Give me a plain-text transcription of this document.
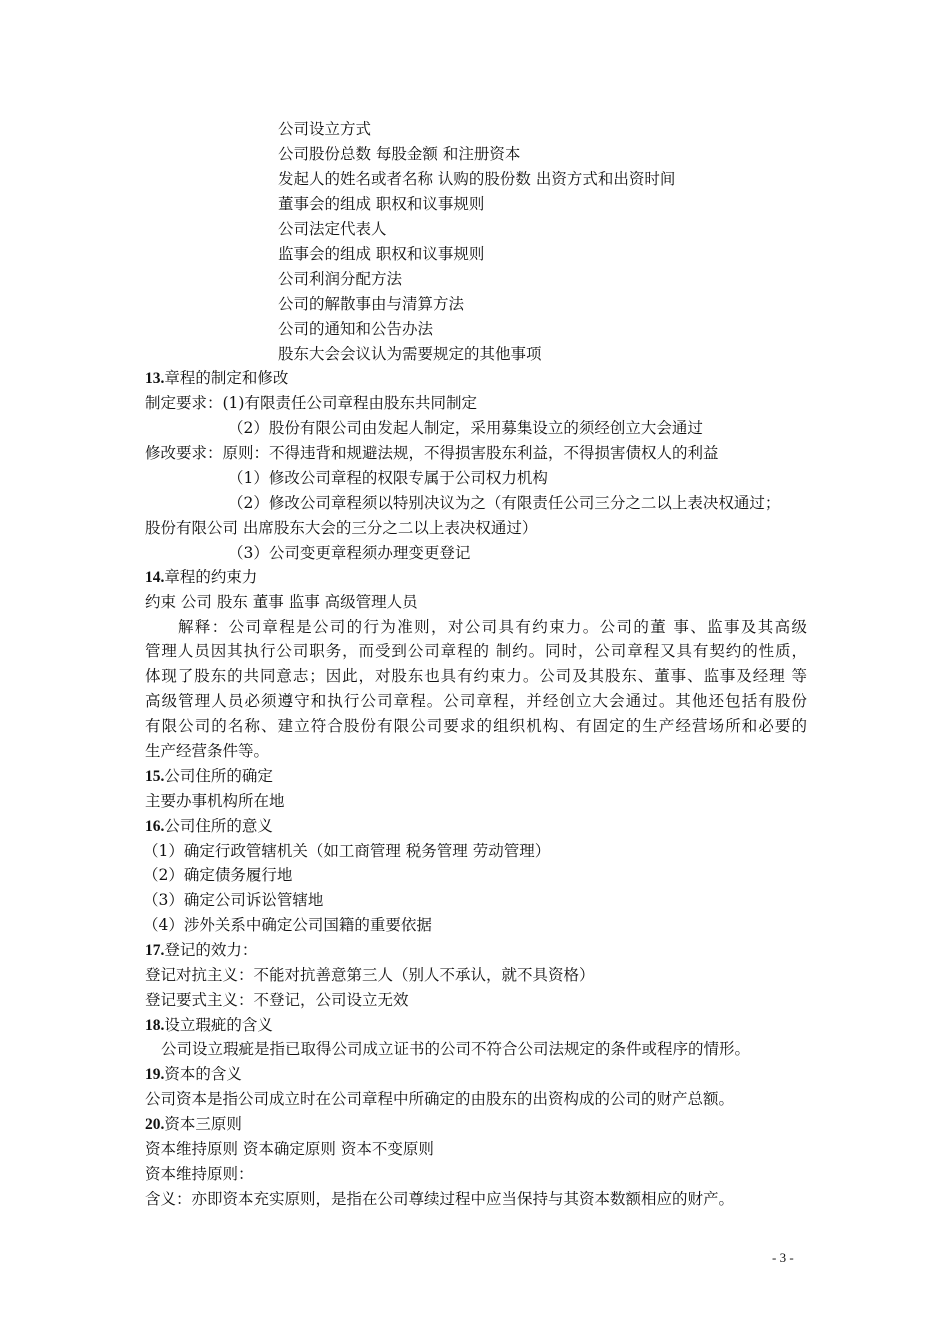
公司设立方式
公司股份总数 每股金额 和注册资本
发起人的姓名或者名称 认购的股份数 出资方式和出资时间
董事会的组成 职权和议事规则
公司法定代表人
监事会的组成 职权和议事规则
公司利润分配方法
公司的解散事由与清算方法
公司的通知和公告办法
股东大会会议认为需要规定的其他事项
13.章程的制定和修改
制定要求：(1)有限责任公司章程由股东共同制定
（2）股份有限公司由发起人制定，采用募集设立的须经创立大会通过
修改要求：原则：不得违背和规避法规，不得损害股东利益，不得损害债权人的利益
（1）修改公司章程的权限专属于公司权力机构
（2）修改公司章程须以特别决议为之（有限责任公司三分之二以上表决权通过；
股份有限公司 出席股东大会的三分之二以上表决权通过）
（3）公司变更章程须办理变更登记
14.章程的约束力
约束 公司 股东 董事 监事 高级管理人员
解释：公司章程是公司的行为准则，对公司具有约束力。公司的董 事、监事及其高级
管理人员因其执行公司职务，而受到公司章程的 制约。同时，公司章程又具有契约的性质，
体现了股东的共同意志；因此，对股东也具有约束力。公司及其股东、董事、监事及经理 等
高级管理人员必须遵守和执行公司章程。公司章程，并经创立大会通过。其他还包括有股份
有限公司的名称、建立符合股份有限公司要求的组织机构、有固定的生产经营场所和必要的
生产经营条件等。
15.公司住所的确定
主要办事机构所在地
16.公司住所的意义
（1）确定行政管辖机关（如工商管理 税务管理 劳动管理）
（2）确定债务履行地
（3）确定公司诉讼管辖地
（4）涉外关系中确定公司国籍的重要依据
17.登记的效力：
登记对抗主义：不能对抗善意第三人（别人不承认，就不具资格）
登记要式主义：不登记，公司设立无效
18.设立瑕疵的含义
公司设立瑕疵是指已取得公司成立证书的公司不符合公司法规定的条件或程序的情形。
19.资本的含义
公司资本是指公司成立时在公司章程中所确定的由股东的出资构成的公司的财产总额。
20.资本三原则
资本维持原则 资本确定原则 资本不变原则
资本维持原则：
含义：亦即资本充实原则，是指在公司尊续过程中应当保持与其资本数额相应的财产。
- 3 -
